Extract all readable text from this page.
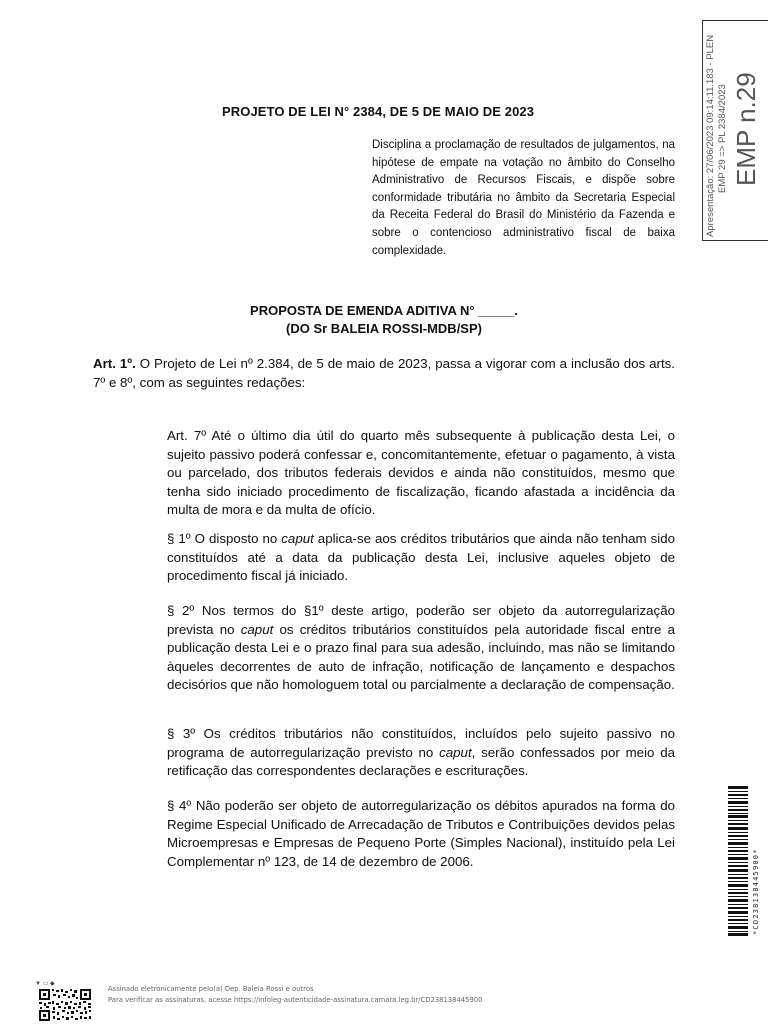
PROJETO DE LEI N° 2384, DE 5 DE MAIO DE 2023
Disciplina a proclamação de resultados de julgamentos, na hipótese de empate na votação no âmbito do Conselho Administrativo de Recursos Fiscais, e dispõe sobre conformidade tributária no âmbito da Secretaria Especial da Receita Federal do Brasil do Ministério da Fazenda e sobre o contencioso administrativo fiscal de baixa complexidade.
PROPOSTA DE EMENDA ADITIVA N° _____.
(DO Sr BALEIA ROSSI-MDB/SP)
Art. 1º. O Projeto de Lei nº 2.384, de 5 de maio de 2023, passa a vigorar com a inclusão dos arts. 7º e 8º, com as seguintes redações:
Art. 7º Até o último dia útil do quarto mês subsequente à publicação desta Lei, o sujeito passivo poderá confessar e, concomitantemente, efetuar o pagamento, à vista ou parcelado, dos tributos federais devidos e ainda não constituídos, mesmo que tenha sido iniciado procedimento de fiscalização, ficando afastada a incidência da multa de mora e da multa de ofício.
§ 1º O disposto no caput aplica-se aos créditos tributários que ainda não tenham sido constituídos até a data da publicação desta Lei, inclusive aqueles objeto de procedimento fiscal já iniciado.
§ 2º Nos termos do §1º deste artigo, poderão ser objeto da autorregularização prevista no caput os créditos tributários constituídos pela autoridade fiscal entre a publicação desta Lei e o prazo final para sua adesão, incluindo, mas não se limitando àqueles decorrentes de auto de infração, notificação de lançamento e despachos decisórios que não homologuem total ou parcialmente a declaração de compensação.
§ 3º Os créditos tributários não constituídos, incluídos pelo sujeito passivo no programa de autorregularização previsto no caput, serão confessados por meio da retificação das correspondentes declarações e escriturações.
§ 4º Não poderão ser objeto de autorregularização os débitos apurados na forma do Regime Especial Unificado de Arrecadação de Tributos e Contribuições devidos pelas Microempresas e Empresas de Pequeno Porte (Simples Nacional), instituído pela Lei Complementar nº 123, de 14 de dezembro de 2006.
Apresentação: 27/06/2023 09:14:11.183 - PLEN EMP 29 => PL 2384/2023 EMP n.29
*CD238138445900*
▼ ▭ ◆
Assinado eletronicamente pelo(a) Dep. Baleia Rossi e outros
Para verificar as assinaturas, acesse https://infoleg-autenticidade-assinatura.camara.leg.br/CD238138445900
